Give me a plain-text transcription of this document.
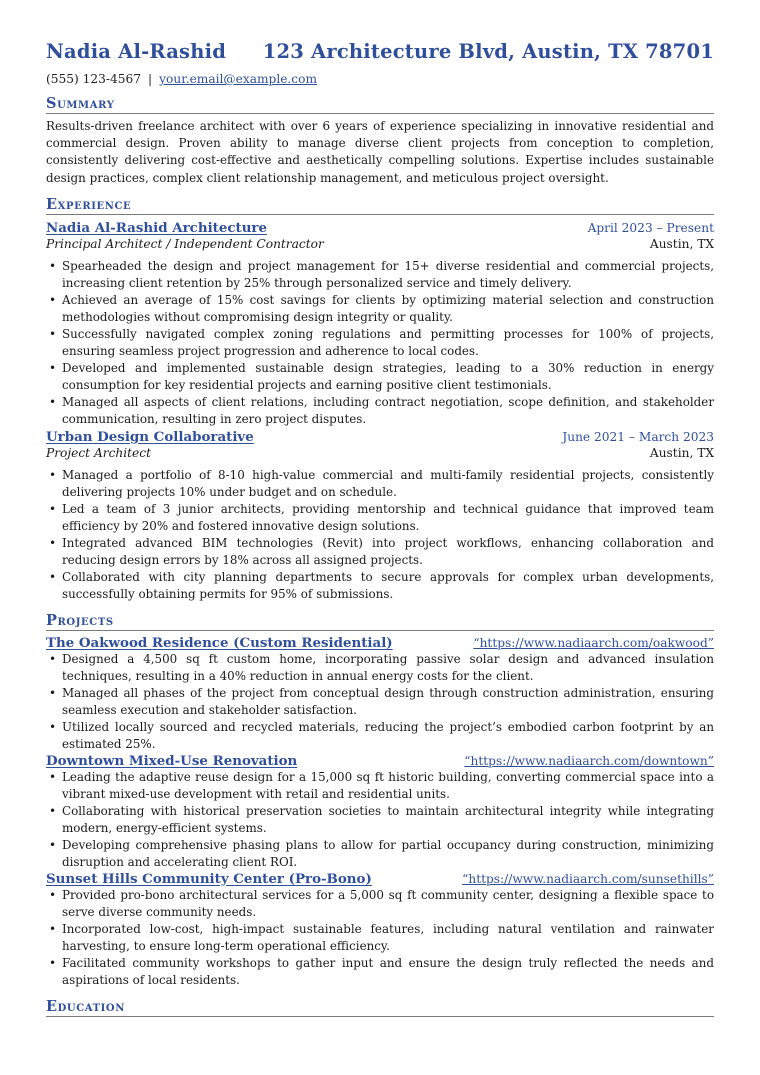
Nadia Al-Rashid 123 Architecture Blvd, Austin, TX 78701
(555) 123-4567 | your.email@example.com
Summary
Results-driven freelance architect with over 6 years of experience specializing in innovative residential and commercial design. Proven ability to manage diverse client projects from conception to completion, consistently delivering cost-effective and aesthetically compelling solutions. Expertise includes sustainable design practices, complex client relationship management, and meticulous project oversight.
Experience
Nadia Al-Rashid Architecture	April 2023 – Present
Principal Architect / Independent Contractor	Austin, TX
• Spearheaded the design and project management for 15+ diverse residential and commercial projects, increasing client retention by 25% through personalized service and timely delivery.
• Achieved an average of 15% cost savings for clients by optimizing material selection and construction methodologies without compromising design integrity or quality.
• Successfully navigated complex zoning regulations and permitting processes for 100% of projects, ensuring seamless project progression and adherence to local codes.
• Developed and implemented sustainable design strategies, leading to a 30% reduction in energy consumption for key residential projects and earning positive client testimonials.
• Managed all aspects of client relations, including contract negotiation, scope definition, and stakeholder communication, resulting in zero project disputes.
Urban Design Collaborative	June 2021 – March 2023
Project Architect	Austin, TX
• Managed a portfolio of 8-10 high-value commercial and multi-family residential projects, consistently delivering projects 10% under budget and on schedule.
• Led a team of 3 junior architects, providing mentorship and technical guidance that improved team efficiency by 20% and fostered innovative design solutions.
• Integrated advanced BIM technologies (Revit) into project workflows, enhancing collaboration and reducing design errors by 18% across all assigned projects.
• Collaborated with city planning departments to secure approvals for complex urban developments, successfully obtaining permits for 95% of submissions.
Projects
The Oakwood Residence (Custom Residential)	“https://www.nadiaarch.com/oakwood”
• Designed a 4,500 sq ft custom home, incorporating passive solar design and advanced insulation techniques, resulting in a 40% reduction in annual energy costs for the client.
• Managed all phases of the project from conceptual design through construction administration, ensuring seamless execution and stakeholder satisfaction.
• Utilized locally sourced and recycled materials, reducing the project’s embodied carbon footprint by an estimated 25%.
Downtown Mixed-Use Renovation	“https://www.nadiaarch.com/downtown”
• Leading the adaptive reuse design for a 15,000 sq ft historic building, converting commercial space into a vibrant mixed-use development with retail and residential units.
• Collaborating with historical preservation societies to maintain architectural integrity while integrating modern, energy-efficient systems.
• Developing comprehensive phasing plans to allow for partial occupancy during construction, minimizing disruption and accelerating client ROI.
Sunset Hills Community Center (Pro-Bono)	“https://www.nadiaarch.com/sunsethills”
• Provided pro-bono architectural services for a 5,000 sq ft community center, designing a flexible space to serve diverse community needs.
• Incorporated low-cost, high-impact sustainable features, including natural ventilation and rainwater harvesting, to ensure long-term operational efficiency.
• Facilitated community workshops to gather input and ensure the design truly reflected the needs and aspirations of local residents.
Education
